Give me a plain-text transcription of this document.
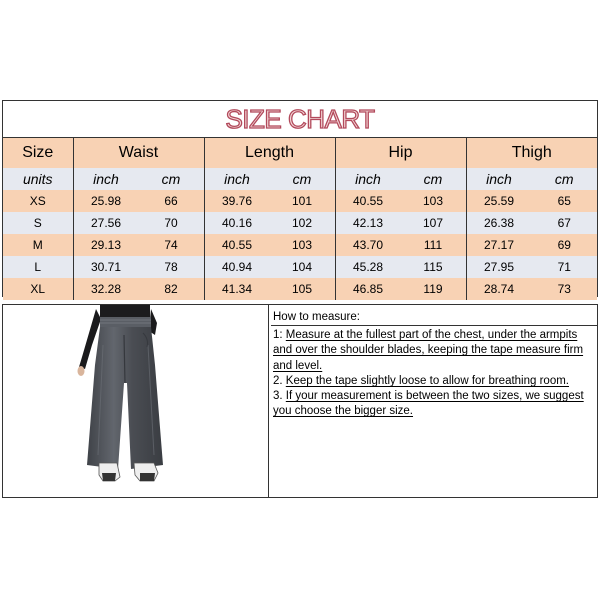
SIZE CHART
Size	Waist		Length		Hip		Thigh	
units	inch	cm	inch	cm	inch	cm	inch	cm
XS	25.98	66	39.76	101	40.55	103	25.59	65
S	27.56	70	40.16	102	42.13	107	26.38	67
M	29.13	74	40.55	103	43.70	111	27.17	69
L	30.71	78	40.94	104	45.28	115	27.95	71
XL	32.28	82	41.34	105	46.85	119	28.74	73
How to measure:
1: Measure at the fullest part of the chest, under the armpits and over the shoulder blades, keeping the tape measure firm and level.
2. Keep the tape slightly loose to allow for breathing room.
3. If your measurement is between the two sizes, we suggest you choose the bigger size.
